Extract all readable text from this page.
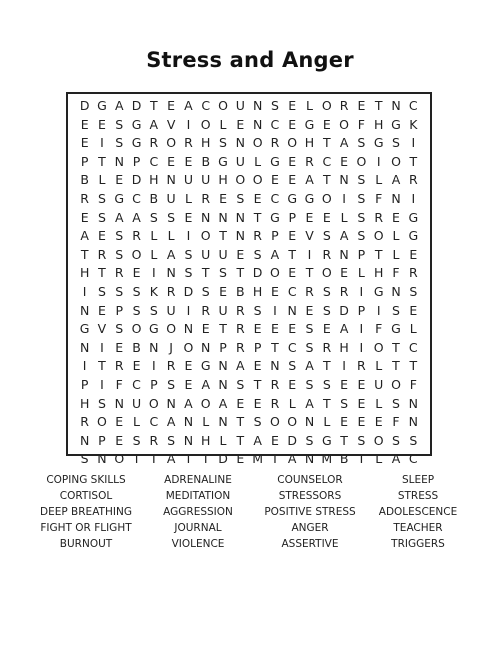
Stress and Anger
D G A D T E A C O U N S E L O R E T N C
E E S G A V I O L E N C E G E O F H G K
E I S G R O R H S N O R O H T A S G S I
P T N P C E E B G U L G E R C E O I O T
B L E D H N U U H O O E E A T N S L A R
R S G C B U L R E S E C G G O I S F N I
E S A A S S E N N N T G P E E L S R E G
A E S R L L I O T N R P E V S A S O L G
T R S O L A S U U E S A T I R N P T L E
H T R E I N S T S T D O E T O E L H F R
I S S S K R D S E B H E C R S R I G N S
N E P S S U I R U R S I N E S D P I S E
G V S O G O N E T R E E E S E A I F G L
N I E B N J O N P R P T C S R H I O T C
I T R E I R E G N A E N S A T I R L T T
P I F C P S E A N S T R E S S E E U O F
H S N U O N A O A E E R L A T S E L S N
R O E L C A N L N T S O O N L E E E F N
N P E S R S N H L T A E D S G T S O S S
S N O I T A T I D E M I A N M B T L A C
COPING SKILLS	ADRENALINE	COUNSELOR	SLEEP
CORTISOL	MEDITATION	STRESSORS	STRESS
DEEP BREATHING	AGGRESSION	POSITIVE STRESS	ADOLESCENCE
FIGHT OR FLIGHT	JOURNAL	ANGER	TEACHER
BURNOUT	VIOLENCE	ASSERTIVE	TRIGGERS
